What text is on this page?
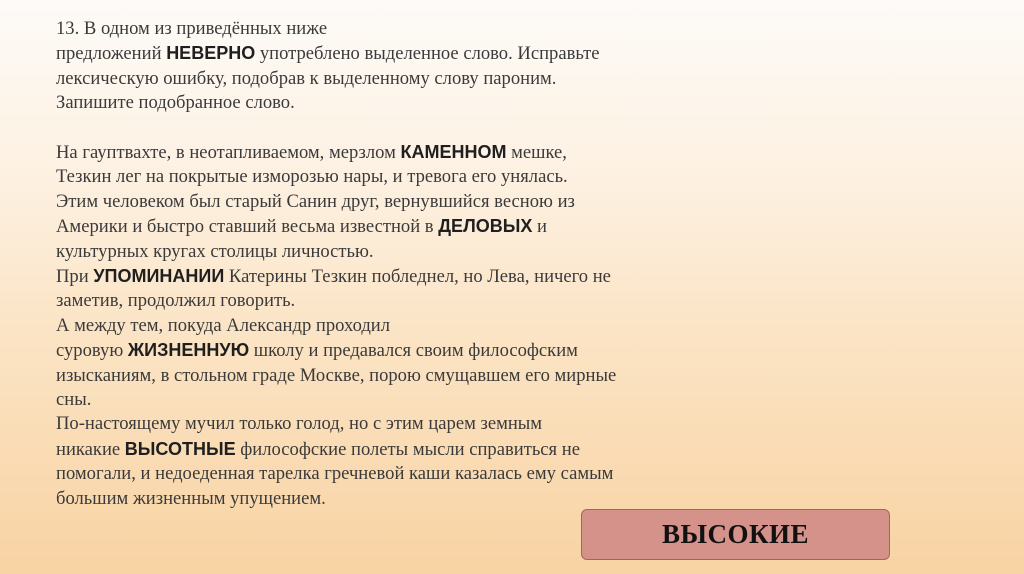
13. В одном из приведённых ниже
предложений НЕВЕРНО употреблено выделенное слово. Исправьте
лексическую ошибку, подобрав к выделенному слову пароним.
Запишите подобранное слово.
На гауптвахте, в неотапливаемом, мерзлом КАМЕННОМ мешке,
Тезкин лег на покрытые изморозью нары, и тревога его унялась.
Этим человеком был старый Санин друг, вернувшийся весною из
Америки и быстро ставший весьма известной в ДЕЛОВЫХ и
культурных кругах столицы личностью.
При УПОМИНАНИИ Катерины Тезкин побледнел, но Лева, ничего не
заметив, продолжил говорить.
А между тем, покуда Александр проходил
суровую ЖИЗНЕННУЮ школу и предавался своим философским
изысканиям, в стольном граде Москве, порою смущавшем его мирные
сны.
По-настоящему мучил только голод, но с этим царем земным
никакие ВЫСОТНЫЕ философские полеты мысли справиться не
помогали, и недоеденная тарелка гречневой каши казалась ему самым
большим жизненным упущением.
ВЫСОКИЕ
